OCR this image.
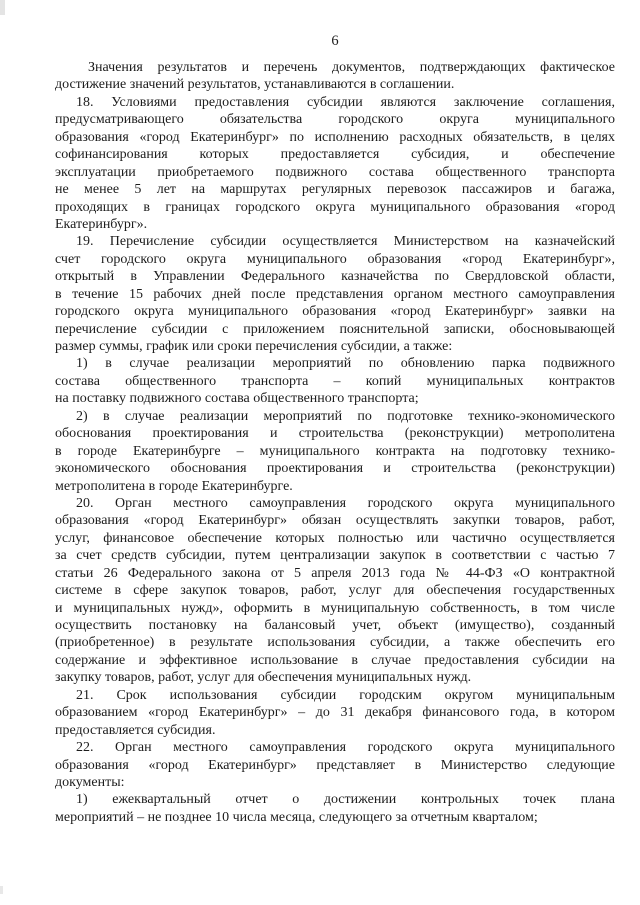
6
Значения результатов и перечень документов, подтверждающих фактическое
достижение значений результатов, устанавливаются в соглашении.
18. Условиями предоставления субсидии являются заключение соглашения,
предусматривающего обязательства городского округа муниципального
образования «город Екатеринбург» по исполнению расходных обязательств, в целях
софинансирования которых предоставляется субсидия, и обеспечение
эксплуатации приобретаемого подвижного состава общественного транспорта
не менее 5 лет на маршрутах регулярных перевозок пассажиров и багажа,
проходящих в границах городского округа муниципального образования «город
Екатеринбург».
19. Перечисление субсидии осуществляется Министерством на казначейский
счет городского округа муниципального образования «город Екатеринбург»,
открытый в Управлении Федерального казначейства по Свердловской области,
в течение 15 рабочих дней после представления органом местного самоуправления
городского округа муниципального образования «город Екатеринбург» заявки на
перечисление субсидии с приложением пояснительной записки, обосновывающей
размер суммы, график или сроки перечисления субсидии, а также:
1) в случае реализации мероприятий по обновлению парка подвижного
состава общественного транспорта – копий муниципальных контрактов
на поставку подвижного состава общественного транспорта;
2) в случае реализации мероприятий по подготовке технико-экономического
обоснования проектирования и строительства (реконструкции) метрополитена
в городе Екатеринбурге – муниципального контракта на подготовку технико-
экономического обоснования проектирования и строительства (реконструкции)
метрополитена в городе Екатеринбурге.
20. Орган местного самоуправления городского округа муниципального
образования «город Екатеринбург» обязан осуществлять закупки товаров, работ,
услуг, финансовое обеспечение которых полностью или частично осуществляется
за счет средств субсидии, путем централизации закупок в соответствии с частью 7
статьи 26 Федерального закона от 5 апреля 2013 года № 44-ФЗ «О контрактной
системе в сфере закупок товаров, работ, услуг для обеспечения государственных
и муниципальных нужд», оформить в муниципальную собственность, в том числе
осуществить постановку на балансовый учет, объект (имущество), созданный
(приобретенное) в результате использования субсидии, а также обеспечить его
содержание и эффективное использование в случае предоставления субсидии на
закупку товаров, работ, услуг для обеспечения муниципальных нужд.
21. Срок использования субсидии городским округом муниципальным
образованием «город Екатеринбург» – до 31 декабря финансового года, в котором
предоставляется субсидия.
22. Орган местного самоуправления городского округа муниципального
образования «город Екатеринбург» представляет в Министерство следующие
документы:
1) ежеквартальный отчет о достижении контрольных точек плана
мероприятий – не позднее 10 числа месяца, следующего за отчетным кварталом;
